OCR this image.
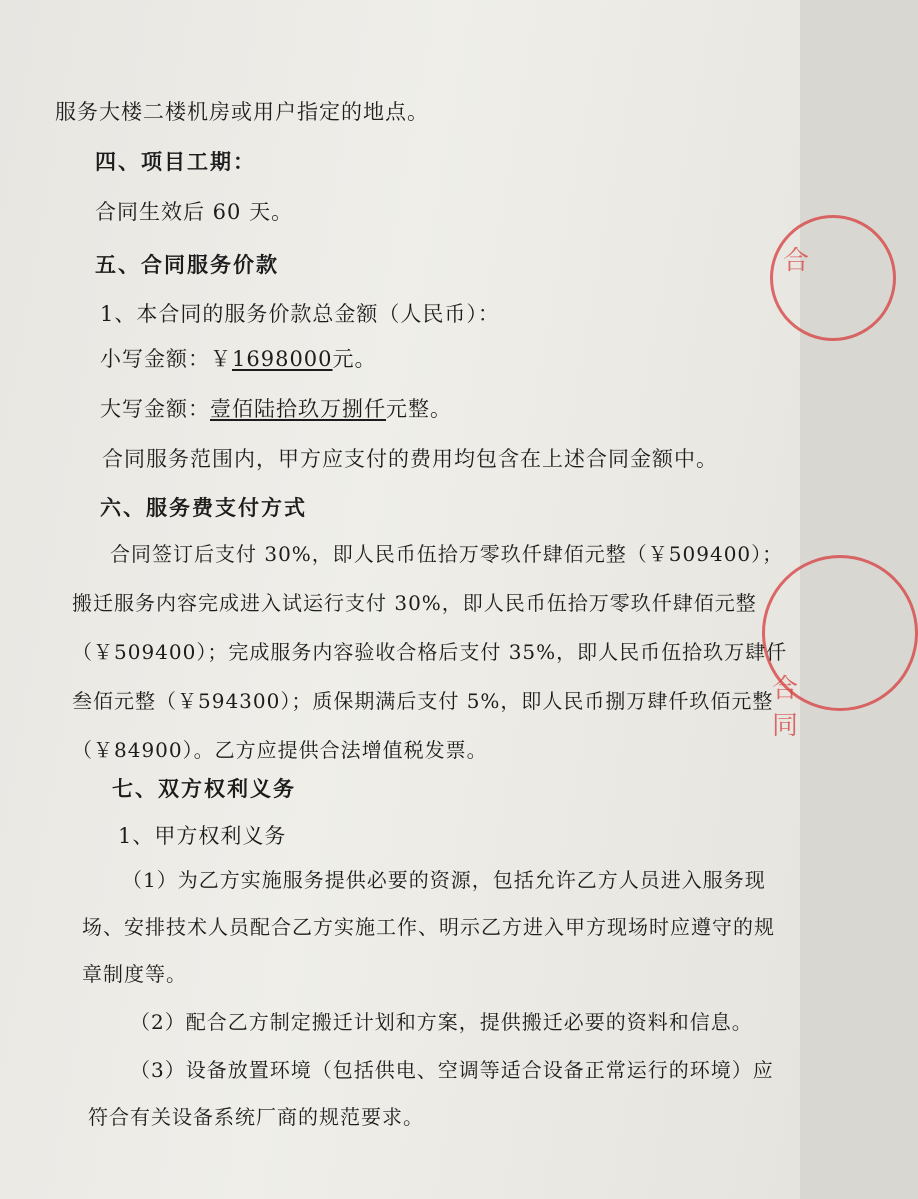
合
合同
服务大楼二楼机房或用户指定的地点。
四、项目工期：
合同生效后 60 天。
五、合同服务价款
1、本合同的服务价款总金额（人民币）：
小写金额：￥1698000元。
大写金额：壹佰陆拾玖万捌仟元整。
合同服务范围内，甲方应支付的费用均包含在上述合同金额中。
六、服务费支付方式
合同签订后支付 30%，即人民币伍拾万零玖仟肆佰元整（￥509400）；
搬迁服务内容完成进入试运行支付 30%，即人民币伍拾万零玖仟肆佰元整
（￥509400）；完成服务内容验收合格后支付 35%，即人民币伍拾玖万肆仟
叁佰元整（￥594300）；质保期满后支付 5%，即人民币捌万肆仟玖佰元整
（￥84900）。乙方应提供合法增值税发票。
七、双方权利义务
1、甲方权利义务
（1）为乙方实施服务提供必要的资源，包括允许乙方人员进入服务现
场、安排技术人员配合乙方实施工作、明示乙方进入甲方现场时应遵守的规
章制度等。
（2）配合乙方制定搬迁计划和方案，提供搬迁必要的资料和信息。
（3）设备放置环境（包括供电、空调等适合设备正常运行的环境）应
符合有关设备系统厂商的规范要求。
